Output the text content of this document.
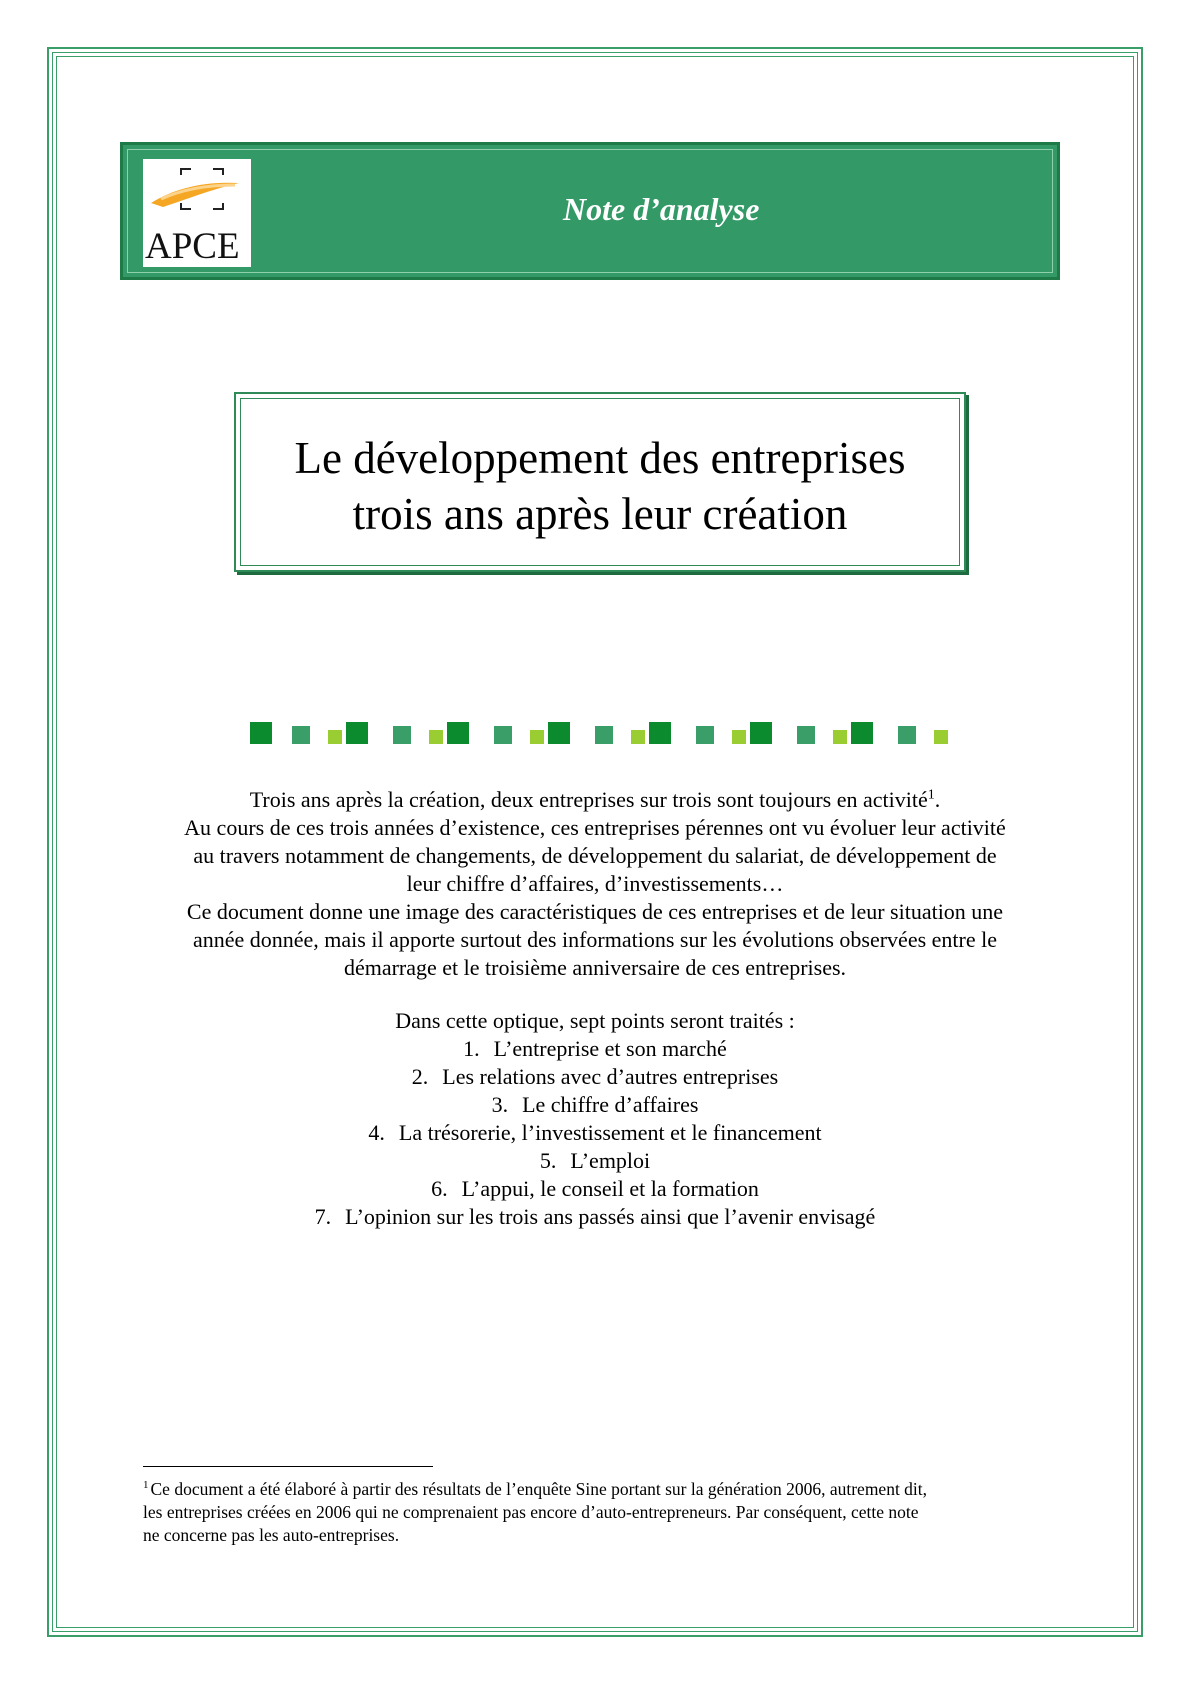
APCE
Note d’analyse
Le développement des entreprises
trois ans après leur création

Trois ans après la création, deux entreprises sur trois sont toujours en activité$^1$.

Au cours de ces trois années d’existence, ces entreprises pérennes ont vu évoluer leur activité
au travers notamment de changements, de développement du salariat, de développement de
leur chiffre d’affaires, d’investissements…

Ce document donne une image des caractéristiques de ces entreprises et de leur situation une
année donnée, mais il apporte surtout des informations sur les évolutions observées entre le
démarrage et le troisième anniversaire de ces entreprises.

Dans cette optique, sept points seront traités :
1. L’entreprise et son marché
2. Les relations avec d’autres entreprises
3. Le chiffre d’affaires
4. La trésorerie, l’investissement et le financement
5. L’emploi
6. L’appui, le conseil et la formation
7. L’opinion sur les trois ans passés ainsi que l’avenir envisagé
$^1$ Ce document a été élaboré à partir des résultats de l’enquête Sine portant sur la génération 2006, autrement dit,
les entreprises créées en 2006 qui ne comprenaient pas encore d’auto-entrepreneurs. Par conséquent, cette note
ne concerne pas les auto-entreprises.
